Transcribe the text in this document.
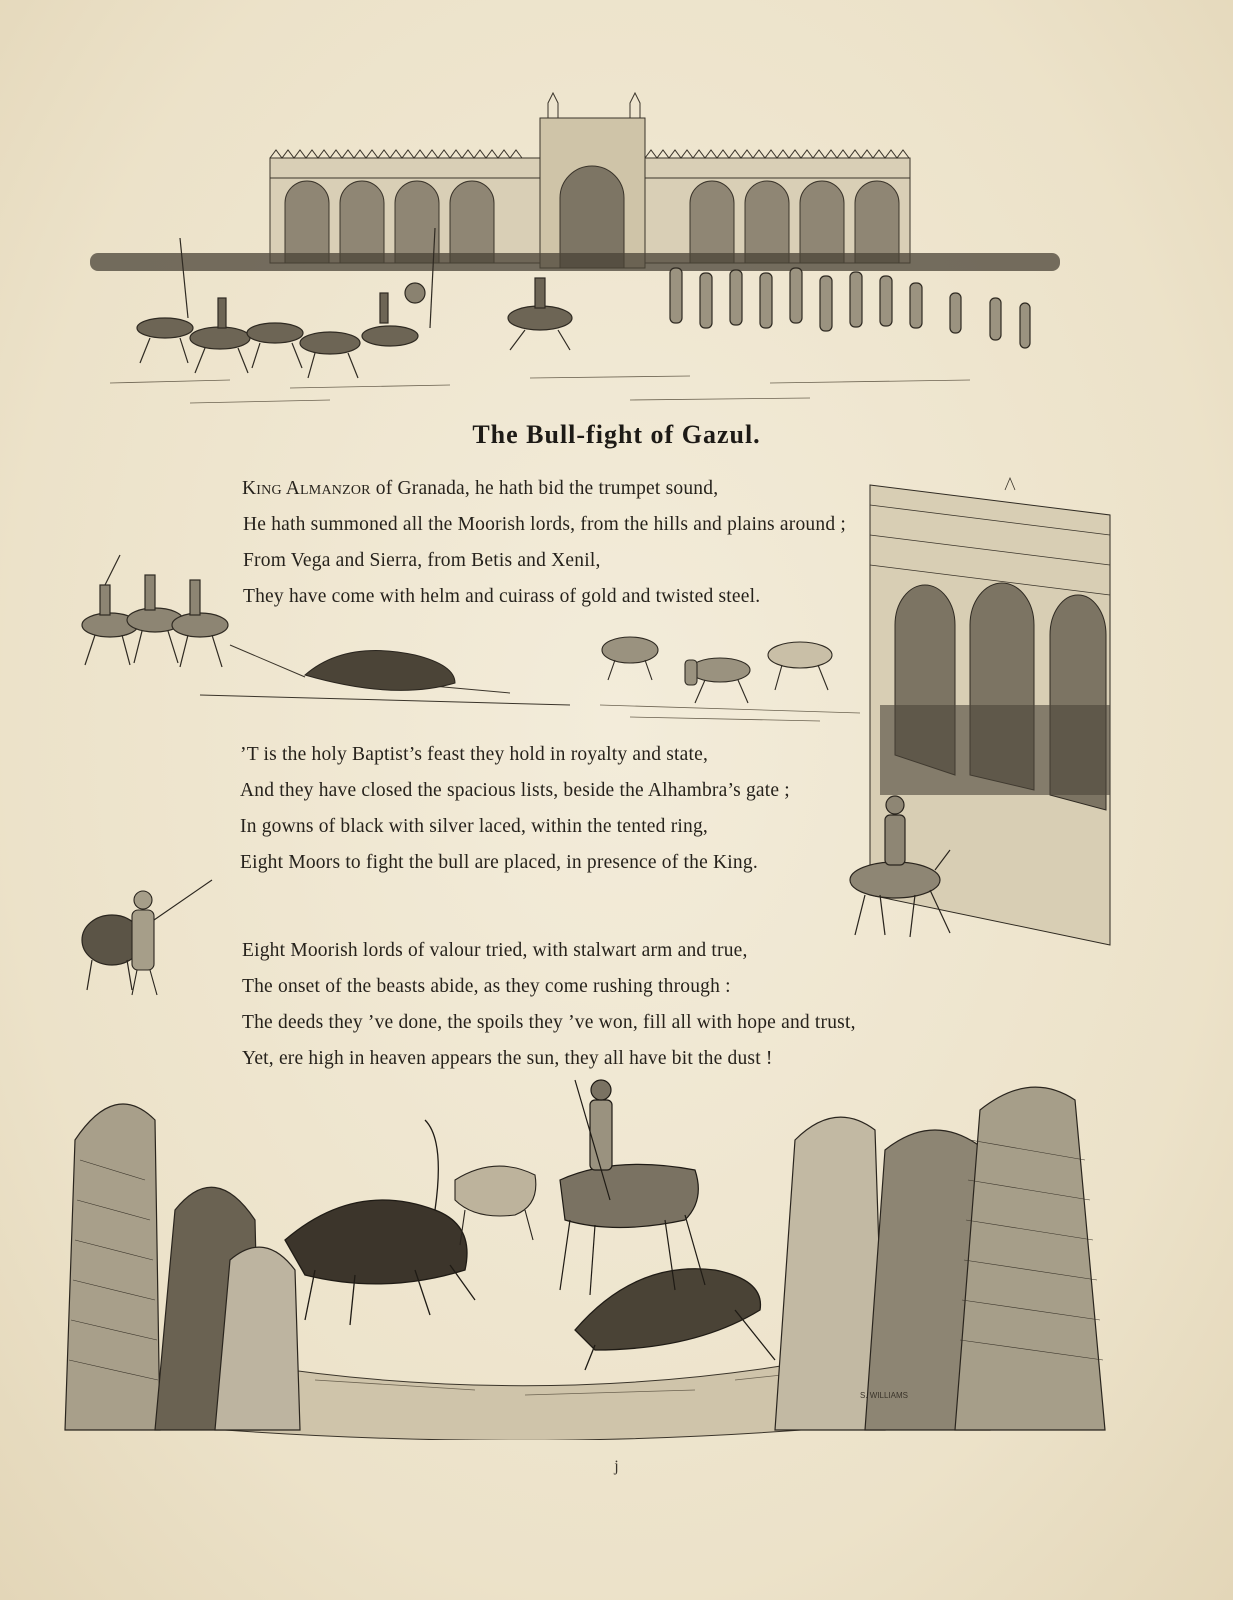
The Bull-fight of Gazul.
King Almanzor of Granada, he hath bid the trumpet sound,
He hath summoned all the Moorish lords, from the hills and plains around ;
From Vega and Sierra, from Betis and Xenil,
They have come with helm and cuirass of gold and twisted steel.
’T is the holy Baptist’s feast they hold in royalty and state,
And they have closed the spacious lists, beside the Alhambra’s gate ;
In gowns of black with silver laced, within the tented ring,
Eight Moors to fight the bull are placed, in presence of the King.
Eight Moorish lords of valour tried, with stalwart arm and true,
The onset of the beasts abide, as they come rushing through :
The deeds they ’ve done, the spoils they ’ve won, fill all with hope and trust,
Yet, ere high in heaven appears the sun, they all have bit the dust !
S. WILLIAMS
j
